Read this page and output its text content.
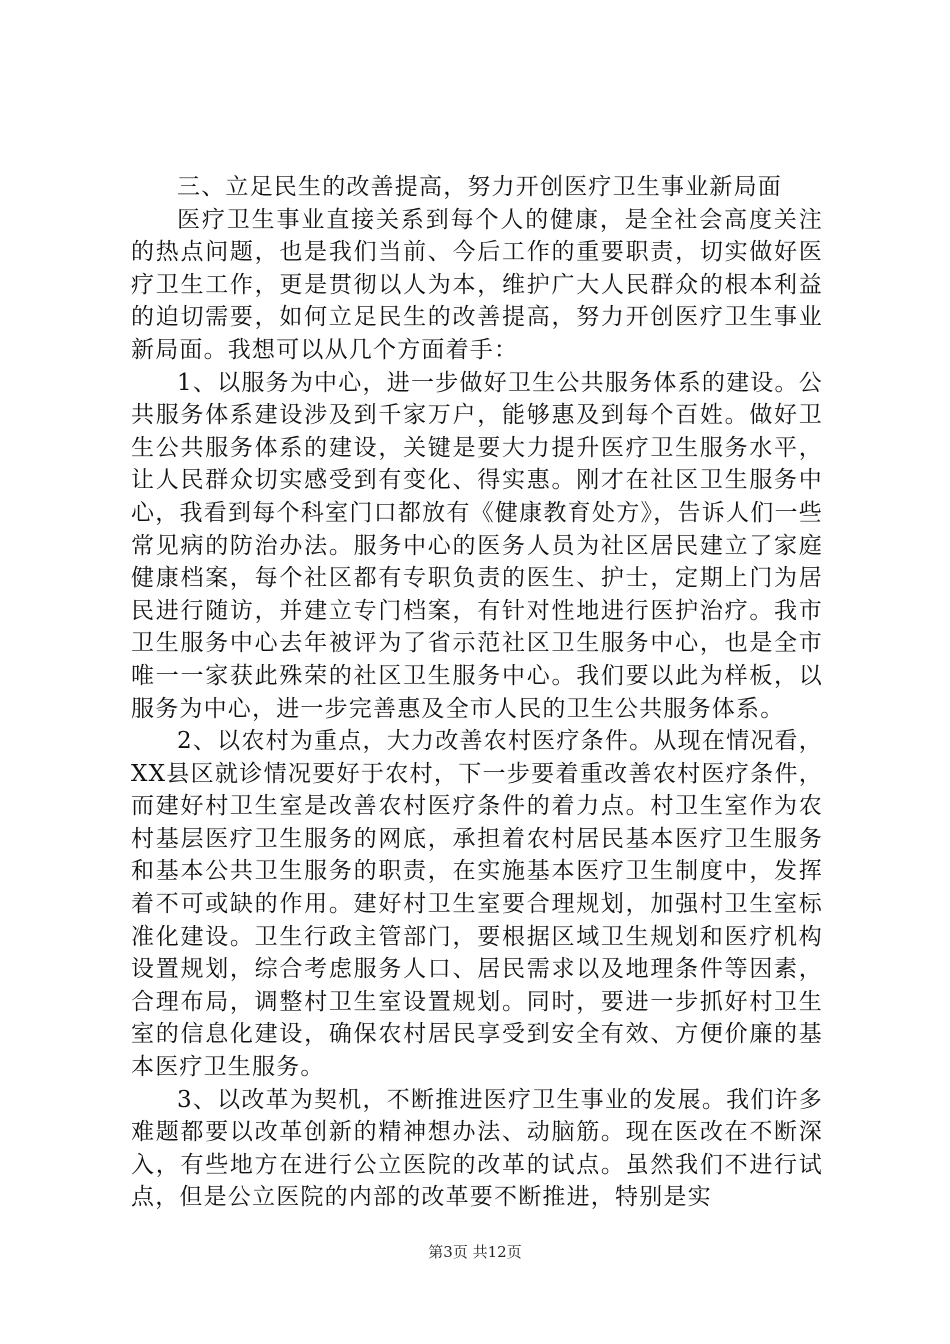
三、立足民生的改善提高，努力开创医疗卫生事业新局面

医疗卫生事业直接关系到每个人的健康，是全社会高度关注的热点问题，也是我们当前、今后工作的重要职责，切实做好医疗卫生工作，更是贯彻以人为本，维护广大人民群众的根本利益的迫切需要，如何立足民生的改善提高，努力开创医疗卫生事业新局面。我想可以从几个方面着手：

1、以服务为中心，进一步做好卫生公共服务体系的建设。公共服务体系建设涉及到千家万户，能够惠及到每个百姓。做好卫生公共服务体系的建设，关键是要大力提升医疗卫生服务水平，让人民群众切实感受到有变化、得实惠。刚才在社区卫生服务中心，我看到每个科室门口都放有《健康教育处方》，告诉人们一些常见病的防治办法。服务中心的医务人员为社区居民建立了家庭健康档案，每个社区都有专职负责的医生、护士，定期上门为居民进行随访，并建立专门档案，有针对性地进行医护治疗。我市卫生服务中心去年被评为了省示范社区卫生服务中心，也是全市唯一一家获此殊荣的社区卫生服务中心。我们要以此为样板，以服务为中心，进一步完善惠及全市人民的卫生公共服务体系。

2、以农村为重点，大力改善农村医疗条件。从现在情况看，XX县区就诊情况要好于农村，下一步要着重改善农村医疗条件，而建好村卫生室是改善农村医疗条件的着力点。村卫生室作为农村基层医疗卫生服务的网底，承担着农村居民基本医疗卫生服务和基本公共卫生服务的职责，在实施基本医疗卫生制度中，发挥着不可或缺的作用。建好村卫生室要合理规划，加强村卫生室标准化建设。卫生行政主管部门，要根据区域卫生规划和医疗机构设置规划，综合考虑服务人口、居民需求以及地理条件等因素，合理布局，调整村卫生室设置规划。同时，要进一步抓好村卫生室的信息化建设，确保农村居民享受到安全有效、方便价廉的基本医疗卫生服务。

3、以改革为契机，不断推进医疗卫生事业的发展。我们许多难题都要以改革创新的精神想办法、动脑筋。现在医改在不断深入，有些地方在进行公立医院的改革的试点。虽然我们不进行试点，但是公立医院的内部的改革要不断推进，特别是实

第3页 共12页
